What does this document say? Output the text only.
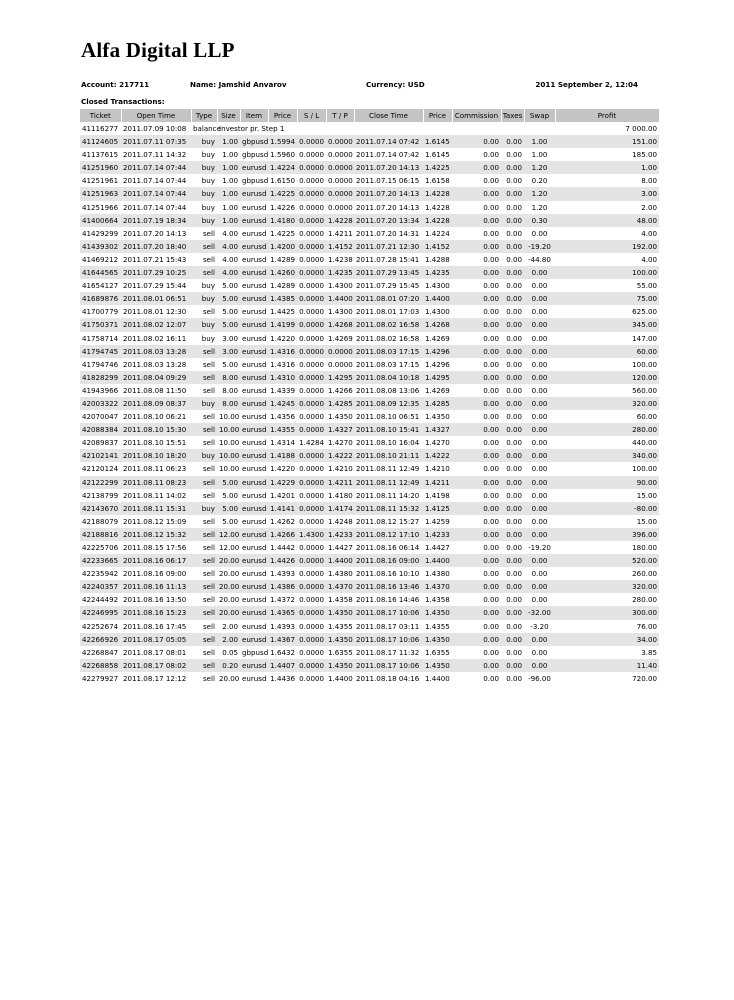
Alfa Digital LLP
Account: 217711	Name: Jamshid Anvarov	Currency: USD	2011 September 2, 12:04
Closed Transactions:
Ticket	Open Time	Type	Size	Item	Price	S / L	T / P	Close Time	Price	Commission	Taxes	Swap	Profit
41116277	2011.07.09 10:08	balance	Investor pr. Step 1										7 000.00
41124605	2011.07.11 07:35	buy	1.00	gbpusd	1.5994	0.0000	0.0000	2011.07.14 07:42	1.6145	0.00	0.00	1.00	151.00
41137615	2011.07.11 14:32	buy	1.00	gbpusd	1.5960	0.0000	0.0000	2011.07.14 07:42	1.6145	0.00	0.00	1.00	185.00
41251960	2011.07.14 07:44	buy	1.00	eurusd	1.4224	0.0000	0.0000	2011.07.20 14:13	1.4225	0.00	0.00	1.20	1.00
41251961	2011.07.14 07:44	buy	1.00	gbpusd	1.6150	0.0000	0.0000	2011.07.15 06:15	1.6158	0.00	0.00	0.20	8.00
41251963	2011.07.14 07:44	buy	1.00	eurusd	1.4225	0.0000	0.0000	2011.07.20 14:13	1.4228	0.00	0.00	1.20	3.00
41251966	2011.07.14 07:44	buy	1.00	eurusd	1.4226	0.0000	0.0000	2011.07.20 14:13	1.4228	0.00	0.00	1.20	2.00
41400664	2011.07.19 18:34	buy	1.00	eurusd	1.4180	0.0000	1.4228	2011.07.20 13:34	1.4228	0.00	0.00	0.30	48.00
41429299	2011.07.20 14:13	sell	4.00	eurusd	1.4225	0.0000	1.4211	2011.07.20 14:31	1.4224	0.00	0.00	0.00	4.00
41439302	2011.07.20 18:40	sell	4.00	eurusd	1.4200	0.0000	1.4152	2011.07.21 12:30	1.4152	0.00	0.00	-19.20	192.00
41469212	2011.07.21 15:43	sell	4.00	eurusd	1.4289	0.0000	1.4238	2011.07.28 15:41	1.4288	0.00	0.00	-44.80	4.00
41644565	2011.07.29 10:25	sell	4.00	eurusd	1.4260	0.0000	1.4235	2011.07.29 13:45	1.4235	0.00	0.00	0.00	100.00
41654127	2011.07.29 15:44	buy	5.00	eurusd	1.4289	0.0000	1.4300	2011.07.29 15:45	1.4300	0.00	0.00	0.00	55.00
41689876	2011.08.01 06:51	buy	5.00	eurusd	1.4385	0.0000	1.4400	2011.08.01 07:20	1.4400	0.00	0.00	0.00	75.00
41700779	2011.08.01 12:30	sell	5.00	eurusd	1.4425	0.0000	1.4300	2011.08.01 17:03	1.4300	0.00	0.00	0.00	625.00
41750371	2011.08.02 12:07	buy	5.00	eurusd	1.4199	0.0000	1.4268	2011.08.02 16:58	1.4268	0.00	0.00	0.00	345.00
41758714	2011.08.02 16:11	buy	3.00	eurusd	1.4220	0.0000	1.4269	2011.08.02 16:58	1.4269	0.00	0.00	0.00	147.00
41794745	2011.08.03 13:28	sell	3.00	eurusd	1.4316	0.0000	0.0000	2011.08.03 17:15	1.4296	0.00	0.00	0.00	60.00
41794746	2011.08.03 13:28	sell	5.00	eurusd	1.4316	0.0000	0.0000	2011.08.03 17:15	1.4296	0.00	0.00	0.00	100.00
41828299	2011.08.04 09:29	sell	8.00	eurusd	1.4310	0.0000	1.4295	2011.08.04 10:18	1.4295	0.00	0.00	0.00	120.00
41943966	2011.08.08 11:50	sell	8.00	eurusd	1.4339	0.0000	1.4266	2011.08.08 13:06	1.4269	0.00	0.00	0.00	560.00
42003322	2011.08.09 08:37	buy	8.00	eurusd	1.4245	0.0000	1.4285	2011.08.09 12:35	1.4285	0.00	0.00	0.00	320.00
42070047	2011.08.10 06:21	sell	10.00	eurusd	1.4356	0.0000	1.4350	2011.08.10 06:51	1.4350	0.00	0.00	0.00	60.00
42088384	2011.08.10 15:30	sell	10.00	eurusd	1.4355	0.0000	1.4327	2011.08.10 15:41	1.4327	0.00	0.00	0.00	280.00
42089837	2011.08.10 15:51	sell	10.00	eurusd	1.4314	1.4284	1.4270	2011.08.10 16:04	1.4270	0.00	0.00	0.00	440.00
42102141	2011.08.10 18:20	buy	10.00	eurusd	1.4188	0.0000	1.4222	2011.08.10 21:11	1.4222	0.00	0.00	0.00	340.00
42120124	2011.08.11 06:23	sell	10.00	eurusd	1.4220	0.0000	1.4210	2011.08.11 12:49	1.4210	0.00	0.00	0.00	100.00
42122299	2011.08.11 08:23	sell	5.00	eurusd	1.4229	0.0000	1.4211	2011.08.11 12:49	1.4211	0.00	0.00	0.00	90.00
42138799	2011.08.11 14:02	sell	5.00	eurusd	1.4201	0.0000	1.4180	2011.08.11 14:20	1.4198	0.00	0.00	0.00	15.00
42143670	2011.08.11 15:31	buy	5.00	eurusd	1.4141	0.0000	1.4174	2011.08.11 15:32	1.4125	0.00	0.00	0.00	-80.00
42188079	2011.08.12 15:09	sell	5.00	eurusd	1.4262	0.0000	1.4248	2011.08.12 15:27	1.4259	0.00	0.00	0.00	15.00
42188816	2011.08.12 15:32	sell	12.00	eurusd	1.4266	1.4300	1.4233	2011.08.12 17:10	1.4233	0.00	0.00	0.00	396.00
42225706	2011.08.15 17:56	sell	12.00	eurusd	1.4442	0.0000	1.4427	2011.08.16 06:14	1.4427	0.00	0.00	-19.20	180.00
42233665	2011.08.16 06:17	sell	20.00	eurusd	1.4426	0.0000	1.4400	2011.08.16 09:00	1.4400	0.00	0.00	0.00	520.00
42235942	2011.08.16 09:00	sell	20.00	eurusd	1.4393	0.0000	1.4380	2011.08.16 10:10	1.4380	0.00	0.00	0.00	260.00
42240357	2011.08.16 11:13	sell	20.00	eurusd	1.4386	0.0000	1.4370	2011.08.16 13:46	1.4370	0.00	0.00	0.00	320.00
42244492	2011.08.16 13:50	sell	20.00	eurusd	1.4372	0.0000	1.4358	2011.08.16 14:46	1.4358	0.00	0.00	0.00	280.00
42246995	2011.08.16 15:23	sell	20.00	eurusd	1.4365	0.0000	1.4350	2011.08.17 10:06	1.4350	0.00	0.00	-32.00	300.00
42252674	2011.08.16 17:45	sell	2.00	eurusd	1.4393	0.0000	1.4355	2011.08.17 03:11	1.4355	0.00	0.00	-3.20	76.00
42266926	2011.08.17 05:05	sell	2.00	eurusd	1.4367	0.0000	1.4350	2011.08.17 10:06	1.4350	0.00	0.00	0.00	34.00
42268847	2011.08.17 08:01	sell	0.05	gbpusd	1.6432	0.0000	1.6355	2011.08.17 11:32	1.6355	0.00	0.00	0.00	3.85
42268858	2011.08.17 08:02	sell	0.20	eurusd	1.4407	0.0000	1.4350	2011.08.17 10:06	1.4350	0.00	0.00	0.00	11.40
42279927	2011.08.17 12:12	sell	20.00	eurusd	1.4436	0.0000	1.4400	2011.08.18 04:16	1.4400	0.00	0.00	-96.00	720.00
